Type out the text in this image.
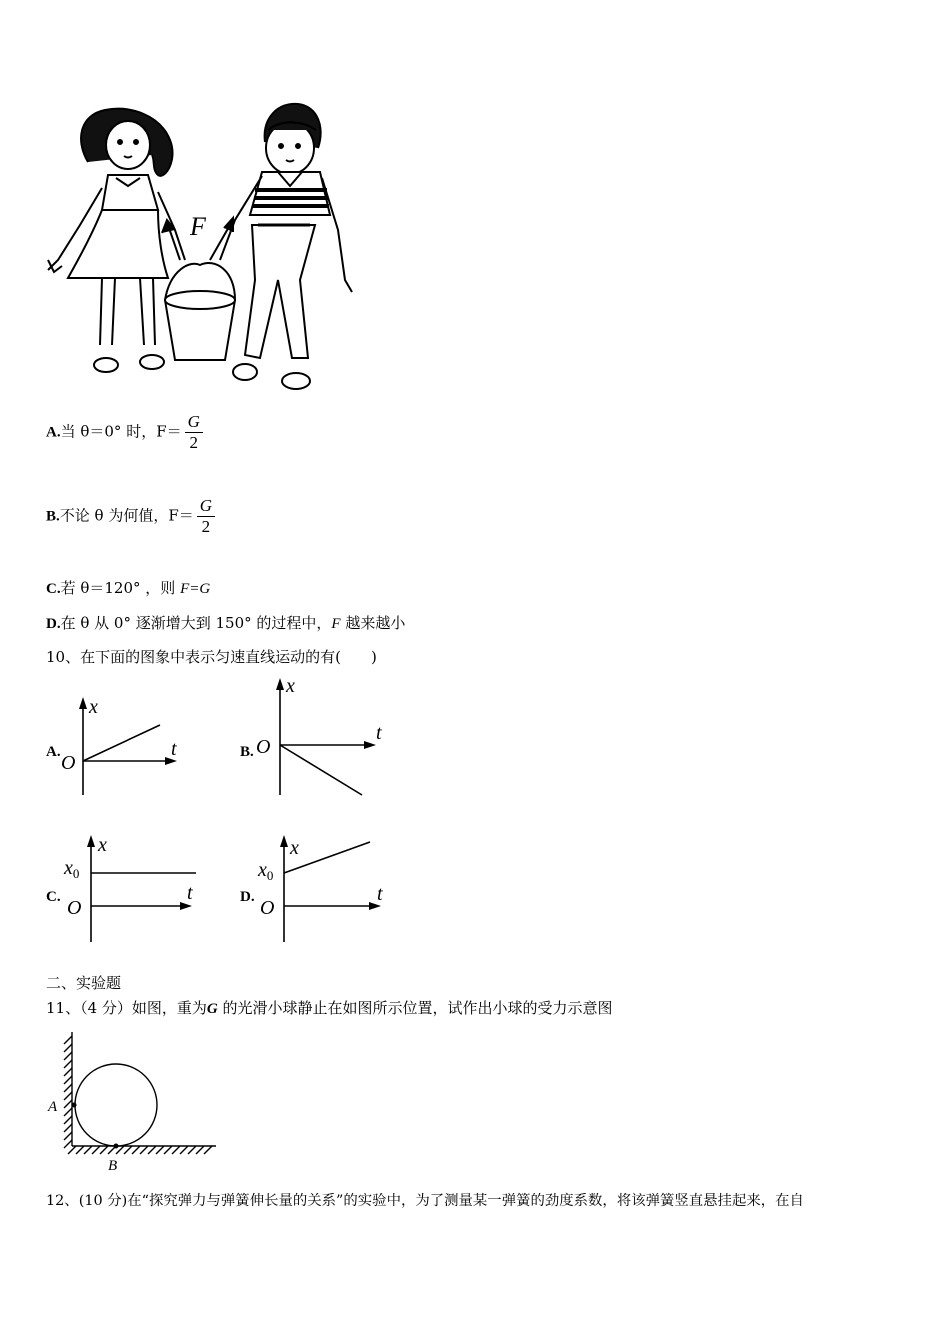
F
A.当 θ＝0° 时，$F= \frac{G}{2}$
B.不论 θ 为何值，$F= \frac{G}{2}$
C.若 θ＝120° ，则 F=G
D.在 θ 从 0° 逐渐增大到 150° 的过程中，F 越来越小
10、在下面的图象中表示匀速直线运动的有(　　)
A.
x
t
O	B.
x
t
O
C.
x
t
O
$x_0$
D.
x
t
O
$x_0$
二、实验题
11、（4 分）如图，重为G 的光滑小球静止在如图所示位置，试作出小球的受力示意图
A
B
12、(10 分)在“探究弹力与弹簧伸长量的关系”的实验中，为了测量某一弹簧的劲度系数，将该弹簧竖直悬挂起来，在自
